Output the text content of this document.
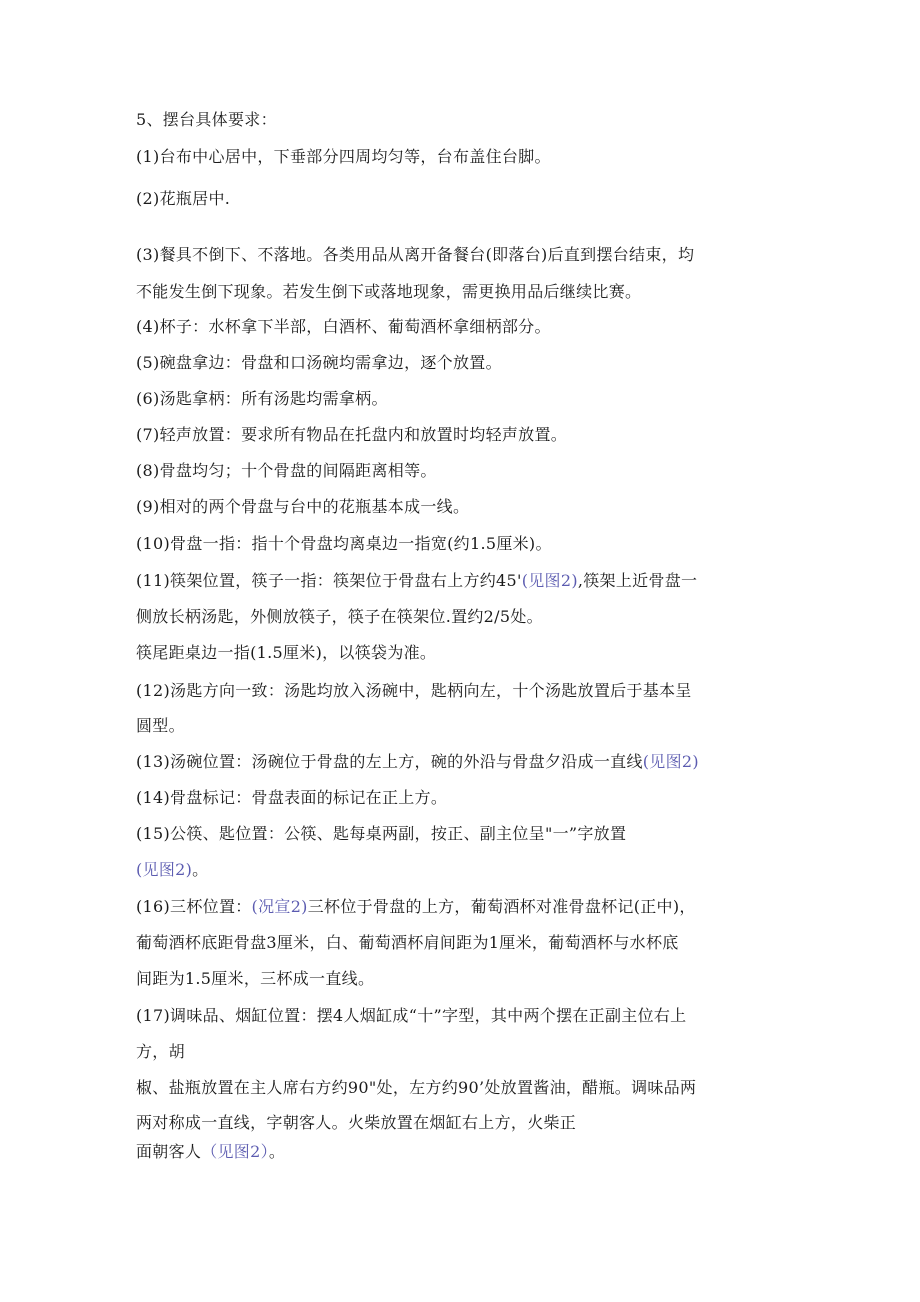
5、摆台具体要求：
(1)台布中心居中，下垂部分四周均匀等，台布盖住台脚。
(2)花瓶居中.
(3)餐具不倒下、不落地。各类用品从离开备餐台(即落台)后直到摆台结束，均
不能发生倒下现象。若发生倒下或落地现象，需更换用品后继续比赛。
(4)杯子：水杯拿下半部，白酒杯、葡萄酒杯拿细柄部分。
(5)碗盘拿边：骨盘和口汤碗均需拿边，逐个放置。
(6)汤匙拿柄：所有汤匙均需拿柄。
(7)轻声放置：要求所有物品在托盘内和放置时均轻声放置。
(8)骨盘均匀；十个骨盘的间隔距离相等。
(9)相对的两个骨盘与台中的花瓶基本成一线。
(10)骨盘一指：指十个骨盘均离桌边一指宽(约1.5厘米)。
(11)筷架位置，筷子一指：筷架位于骨盘右上方约45'(见图2),筷架上近骨盘一
侧放长柄汤匙，外侧放筷子，筷子在筷架位.置约2/5处。
筷尾距桌边一指(1.5厘米)，以筷袋为准。
(12)汤匙方向一致：汤匙均放入汤碗中，匙柄向左，十个汤匙放置后于基本呈
圆型。
(13)汤碗位置：汤碗位于骨盘的左上方，碗的外沿与骨盘夕沿成一直线(见图2)
(14)骨盘标记：骨盘表面的标记在正上方。
(15)公筷、匙位置：公筷、匙每桌两副，按正、副主位呈"一”字放置
(见图2)。
(16)三杯位置：(况宣2)三杯位于骨盘的上方，葡萄酒杯对准骨盘杯记(正中)，
葡萄酒杯底距骨盘3厘米，白、葡萄酒杯肩间距为1厘米，葡萄酒杯与水杯底
间距为1.5厘米，三杯成一直线。
(17)调味品、烟缸位置：摆4人烟缸成“十”字型，其中两个摆在正副主位右上
方，胡
椒、盐瓶放置在主人席右方约90"处，左方约90’处放置酱油，醋瓶。调味品两
两对称成一直线，字朝客人。火柴放置在烟缸右上方，火柴正
面朝客人（见图2）。
